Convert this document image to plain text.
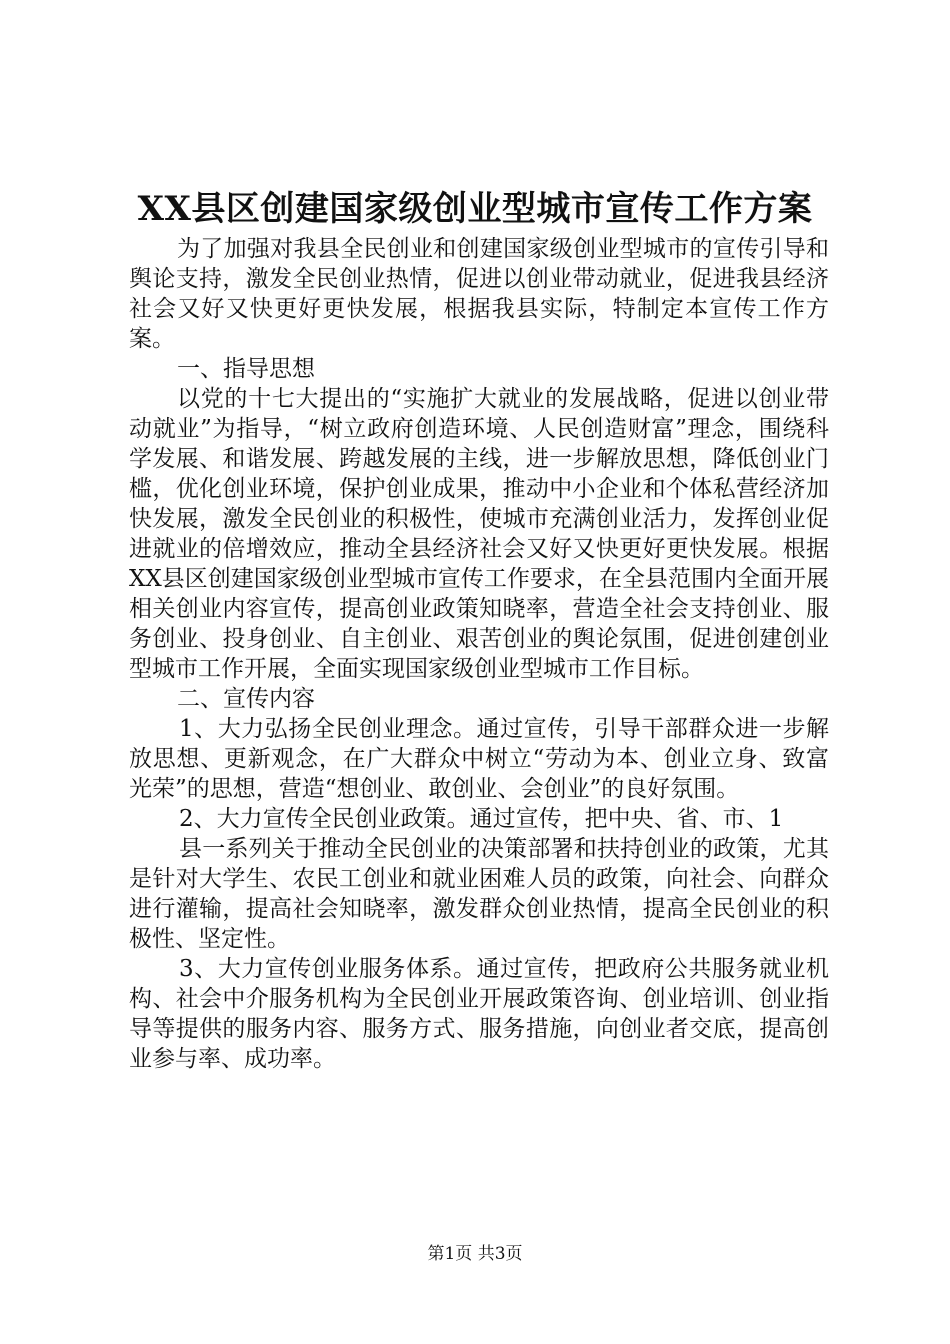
XX县区创建国家级创业型城市宣传工作方案

为了加强对我县全民创业和创建国家级创业型城市的宣传引导和舆论支持，激发全民创业热情，促进以创业带动就业，促进我县经济社会又好又快更好更快发展，根据我县实际，特制定本宣传工作方案。

一、指导思想

以党的十七大提出的“实施扩大就业的发展战略，促进以创业带动就业”为指导，“树立政府创造环境、人民创造财富”理念，围绕科学发展、和谐发展、跨越发展的主线，进一步解放思想，降低创业门槛，优化创业环境，保护创业成果，推动中小企业和个体私营经济加快发展，激发全民创业的积极性，使城市充满创业活力，发挥创业促进就业的倍增效应，推动全县经济社会又好又快更好更快发展。根据XX县区创建国家级创业型城市宣传工作要求，在全县范围内全面开展相关创业内容宣传，提高创业政策知晓率，营造全社会支持创业、服务创业、投身创业、自主创业、艰苦创业的舆论氛围，促进创建创业型城市工作开展，全面实现国家级创业型城市工作目标。

二、宣传内容

1、大力弘扬全民创业理念。通过宣传，引导干部群众进一步解放思想、更新观念，在广大群众中树立“劳动为本、创业立身、致富光荣”的思想，营造“想创业、敢创业、会创业”的良好氛围。

2、大力宣传全民创业政策。通过宣传，把中央、省、市、1

县一系列关于推动全民创业的决策部署和扶持创业的政策，尤其是针对大学生、农民工创业和就业困难人员的政策，向社会、向群众进行灌输，提高社会知晓率，激发群众创业热情，提高全民创业的积极性、坚定性。

3、大力宣传创业服务体系。通过宣传，把政府公共服务就业机构、社会中介服务机构为全民创业开展政策咨询、创业培训、创业指导等提供的服务内容、服务方式、服务措施，向创业者交底，提高创业参与率、成功率。

第1页 共3页
